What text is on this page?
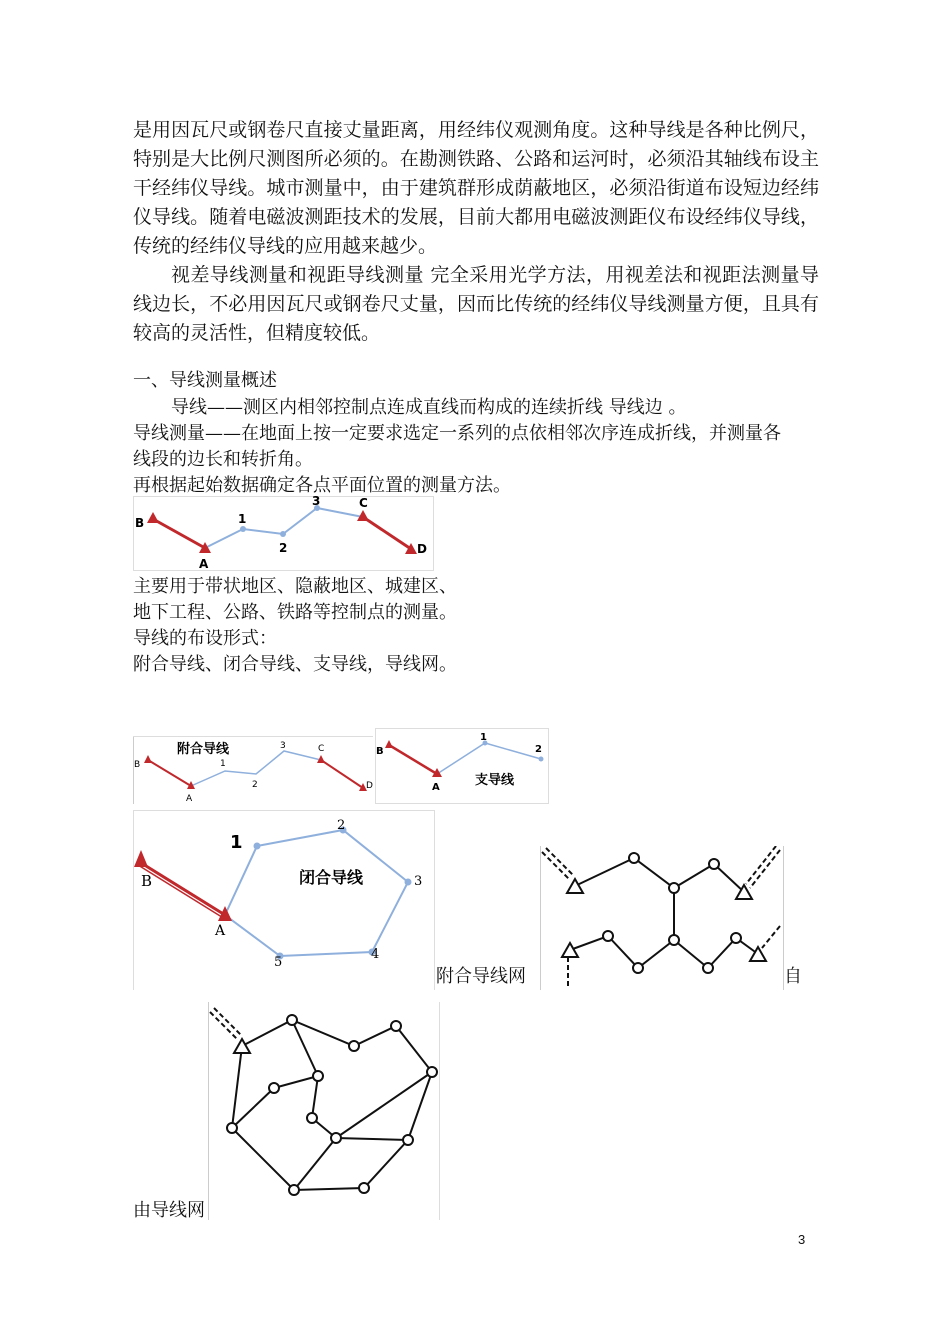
是用因瓦尺或钢卷尺直接丈量距离，用经纬仪观测角度。这种导线是各种比例尺，特别是大比例尺测图所必须的。在勘测铁路、公路和运河时，必须沿其轴线布设主干经纬仪导线。城市测量中，由于建筑群形成荫蔽地区，必须沿街道布设短边经纬仪导线。随着电磁波测距技术的发展，目前大都用电磁波测距仪布设经纬仪导线，传统的经纬仪导线的应用越来越少。

视差导线测量和视距导线测量 完全采用光学方法，用视差法和视距法测量导线边长，不必用因瓦尺或钢卷尺丈量，因而比传统的经纬仪导线测量方便，且具有较高的灵活性，但精度较低。

一、导线测量概述
导线——测区内相邻控制点连成直线而构成的连续折线 导线边 。
导线测量——在地面上按一定要求选定一系列的点依相邻次序连成折线，并测量各
线段的边长和转折角。
再根据起始数据确定各点平面位置的测量方法。
B
A
1
2
3	C
D
主要用于带状地区、隐蔽地区、城建区、
地下工程、公路、铁路等控制点的测量。
导线的布设形式：
附合导线、闭合导线、支导线，导线网。
附合导线
B
A
1
2
3	C
D
B
A
1
2
支导线
B
A
1
2
3
4
5
闭合导线
附合导线网	自
由导线网
3
